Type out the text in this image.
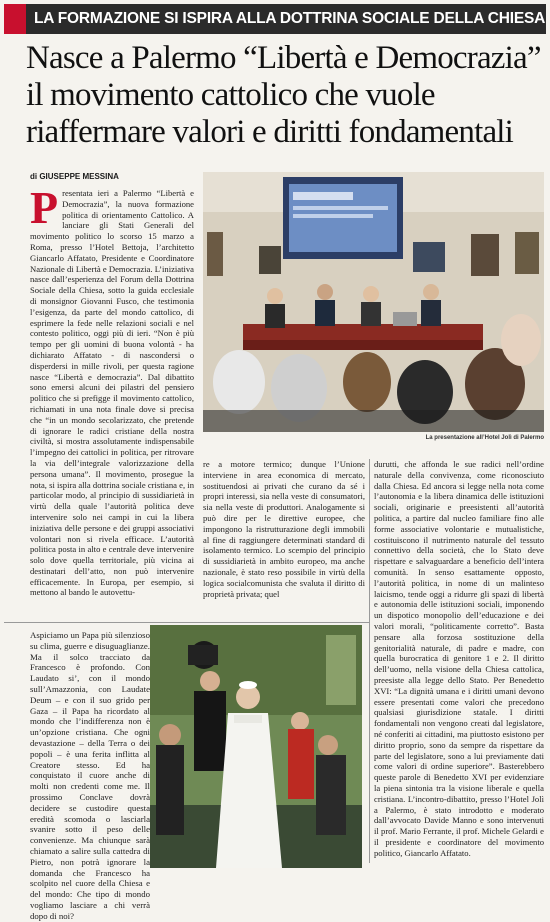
LA FORMAZIONE SI ISPIRA ALLA DOTTRINA SOCIALE DELLA CHIESA
Nasce a Palermo “Libertà e Democrazia”
il movimento cattolico che vuole
riaffermare valori e diritti fondamentali
di GIUSEPPE MESSINA
Presentata ieri a Palermo “Libertà e Democrazia”, la nuova formazione politica di orientamento Cattolico. A lanciare gli Stati Generali del movimento politico lo scorso 15 marzo a Roma, presso l’Hotel Bettoja, l’architetto Giancarlo Affatato, Presidente e Coordinatore Nazionale di Libertà e Democrazia. L’iniziativa nasce dall’esperienza del Forum della Dottrina Sociale della Chiesa, sotto la guida ecclesiale di monsignor Giovanni Fusco, che testimonia l’esigenza, da parte del mondo cattolico, di esprimere la fede nelle relazioni sociali e nel contesto politico, oggi più di ieri. “Non è più tempo per gli uomini di buona volontà - ha dichiarato Affatato - di nascondersi o disperdersi in mille rivoli, per questa ragione nasce “Libertà e democrazia”. Dal dibattito sono emersi alcuni dei pilastri del pensiero politico che si prefigge il movimento cattolico, richiamati in una nota finale dove si precisa che “in un mondo secolarizzato, che pretende di ignorare le radici cristiane della nostra civiltà, si mostra assolutamente indispensabile l’impegno dei cattolici in politica, per ritrovare la via dell’integrale valorizzazione della persona umana”. Il movimento, prosegue la nota, si ispira alla dottrina sociale cristiana e, in particolar modo, al principio di sussidiarietà in virtù della quale l’autorità politica deve intervenire solo nei campi in cui la libera iniziativa delle persone e dei gruppi associativi volontari non si rivela efficace. L’autorità politica posta in alto e centrale deve intervenire solo dove quella territoriale, più vicina ai destinatari dell’atto, non può intervenire efficacemente. In Europa, per esempio, si mettono al bando le autovettu-
La presentazione all’Hotel Jolì di Palermo
re a motore termico; dunque l’Unione interviene in area economica di mercato, sostituendosi ai privati che curano da sé i propri interessi, sia nella veste di consumatori, sia nella veste di produttori. Analogamente si può dire per le direttive europee, che impongono la ristrutturazione degli immobili al fine di raggiungere determinati standard di isolamento termico. Lo scempio del principio di sussidiarietà in ambito europeo, ma anche nazionale, è stato reso possibile in virtù della logica socialcomunista che svaluta il diritto di proprietà privata; quel
durutti, che affonda le sue radici nell’ordine naturale della convivenza, come riconosciuto dalla Chiesa. Ed ancora si legge nella nota come l’autonomia e la libera dinamica delle istituzioni sociali, originarie e preesistenti all’autorità politica, a partire dal nucleo familiare fino alle forme associative volontarie e mutualistiche, costituiscono il nutrimento naturale del tessuto connettivo della società, che lo Stato deve rispettare e salvaguardare a beneficio dell’intera comunità. In senso esattamente opposto, l’autorità politica, in nome di un malinteso laicismo, tende oggi a ridurre gli spazi di libertà e autonomia delle istituzioni sociali, imponendo un dispotico monopolio dell’educazione e dei valori morali, “politicamente corretto”. Basta pensare alla forzosa sostituzione della genitorialità naturale, di padre e madre, con quella burocratica di genitore 1 e 2. Il diritto dell’uomo, nella visione della Chiesa cattolica, preesiste alla legge dello Stato. Per Benedetto XVI: “La dignità umana e i diritti umani devono essere presentati come valori che precedono qualsiasi giurisdizione statale. I diritti fondamentali non vengono creati dal legislatore, né conferiti ai cittadini, ma piuttosto esistono per diritto proprio, sono da sempre da rispettare da parte del legislatore, sono a lui previamente dati come valori di ordine superiore”. Basterebbero queste parole di Benedetto XVI per evidenziare la piena sintonia tra la visione liberale e quella cristiana. L’incontro-dibattito, presso l’Hotel Jolì a Palermo, è stato introdotto e moderato dall’avvocato Davide Manno e sono intervenuti il prof. Mario Ferrante, il prof. Michele Gelardi e il presidente e coordinatore del movimento politico, Giancarlo Affatato.
Aspiciamo un Papa più silenzioso su clima, guerre e disuguaglianze. Ma il solco tracciato da Francesco è profondo. Con Laudato si’, con il mondo sull’Amazzonia, con Laudate Deum – e con il suo grido per Gaza – il Papa ha ricordato al mondo che l’indifferenza non è un’opzione cristiana. Che ogni devastazione – della Terra o dei popoli – è una ferita inflitta al Creatore stesso. Ed ha conquistato il cuore anche di molti non credenti come me. Il prossimo Conclave dovrà decidere se custodire questa eredità scomoda o lasciarla svanire sotto il peso delle convenienze. Ma chiunque sarà chiamato a salire sulla cattedra di Pietro, non potrà ignorare la domanda che Francesco ha scolpito nel cuore della Chiesa e del mondo: Che tipo di mondo vogliamo lasciare a chi verrà dopo di noi?
